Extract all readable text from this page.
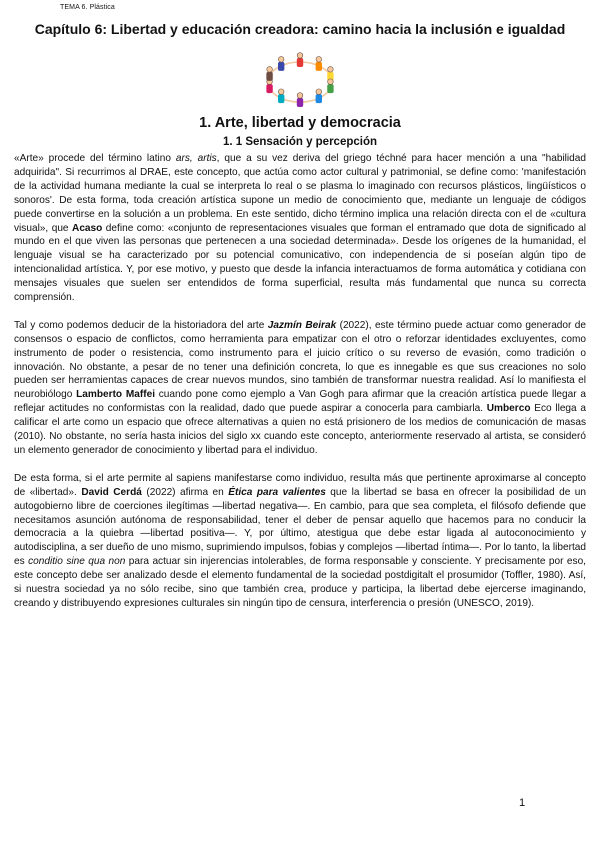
TEMA 6. Plástica
Capítulo 6: Libertad y educación creadora: camino hacia la inclusión e igualdad
1. Arte, libertad y democracia
1. 1 Sensación y percepción

«Arte» procede del término latino ars, artis, que a su vez deriva del griego téchné para hacer mención a una "habilidad adquirida". Si recurrimos al DRAE, este concepto, que actúa como actor cultural y patrimonial, se define como: 'manifestación de la actividad humana mediante la cual se interpreta lo real o se plasma lo imaginado con recursos plásticos, lingüísticos o sonoros'. De esta forma, toda creación artística supone un medio de conocimiento que, mediante un lenguaje de códigos puede convertirse en la solución a un problema. En este sentido, dicho término implica una relación directa con el de «cultura visual», que Acaso define como: «conjunto de representaciones visuales que forman el entramado que dota de significado al mundo en el que viven las personas que pertenecen a una sociedad determinada». Desde los orígenes de la humanidad, el lenguaje visual se ha caracterizado por su potencial comunicativo, con independencia de si poseían algún tipo de intencionalidad artística. Y, por ese motivo, y puesto que desde la infancia interactuamos de forma automática y cotidiana con mensajes visuales que suelen ser entendidos de forma superficial, resulta más fundamental que nunca su correcta comprensión.

Tal y como podemos deducir de la historiadora del arte Jazmín Beirak (2022), este término puede actuar como generador de consensos o espacio de conflictos, como herramienta para empatizar con el otro o reforzar identidades excluyentes, como instrumento de poder o resistencia, como instrumento para el juicio crítico o su reverso de evasión, como tradición o innovación. No obstante, a pesar de no tener una definición concreta, lo que es innegable es que sus creaciones no solo pueden ser herramientas capaces de crear nuevos mundos, sino también de transformar nuestra realidad. Así lo manifiesta el neurobiólogo Lamberto Maffei cuando pone como ejemplo a Van Gogh para afirmar que la creación artística puede llegar a reflejar actitudes no conformistas con la realidad, dado que puede aspirar a conocerla para cambiarla. Umberco Eco llega a calificar el arte como un espacio que ofrece alternativas a quien no está prisionero de los medios de comunicación de masas (2010). No obstante, no sería hasta inicios del siglo xx cuando este concepto, anteriormente reservado al artista, se consideró un elemento generador de conocimiento y libertad para el individuo.

De esta forma, si el arte permite al sapiens manifestarse como individuo, resulta más que pertinente aproximarse al concepto de «libertad». David Cerdá (2022) afirma en Ética para valientes que la libertad se basa en ofrecer la posibilidad de un autogobierno libre de coerciones ilegítimas —libertad negativa—. En cambio, para que sea completa, el filósofo defiende que necesitamos asunción autónoma de responsabilidad, tener el deber de pensar aquello que hacemos para no conducir la democracia a la quiebra —libertad positiva—. Y, por último, atestigua que debe estar ligada al autoconocimiento y autodisciplina, a ser dueño de uno mismo, suprimiendo impulsos, fobias y complejos —libertad íntima—. Por lo tanto, la libertad es conditio sine qua non para actuar sin injerencias intolerables, de forma responsable y consciente. Y precisamente por eso, este concepto debe ser analizado desde el elemento fundamental de la sociedad postdigitalt el prosumidor (Toffler, 1980). Así, si nuestra sociedad ya no sólo recibe, sino que también crea, produce y participa, la libertad debe ejercerse imaginando, creando y distribuyendo expresiones culturales sin ningún tipo de censura, interferencia o presión (UNESCO, 2019).

1
